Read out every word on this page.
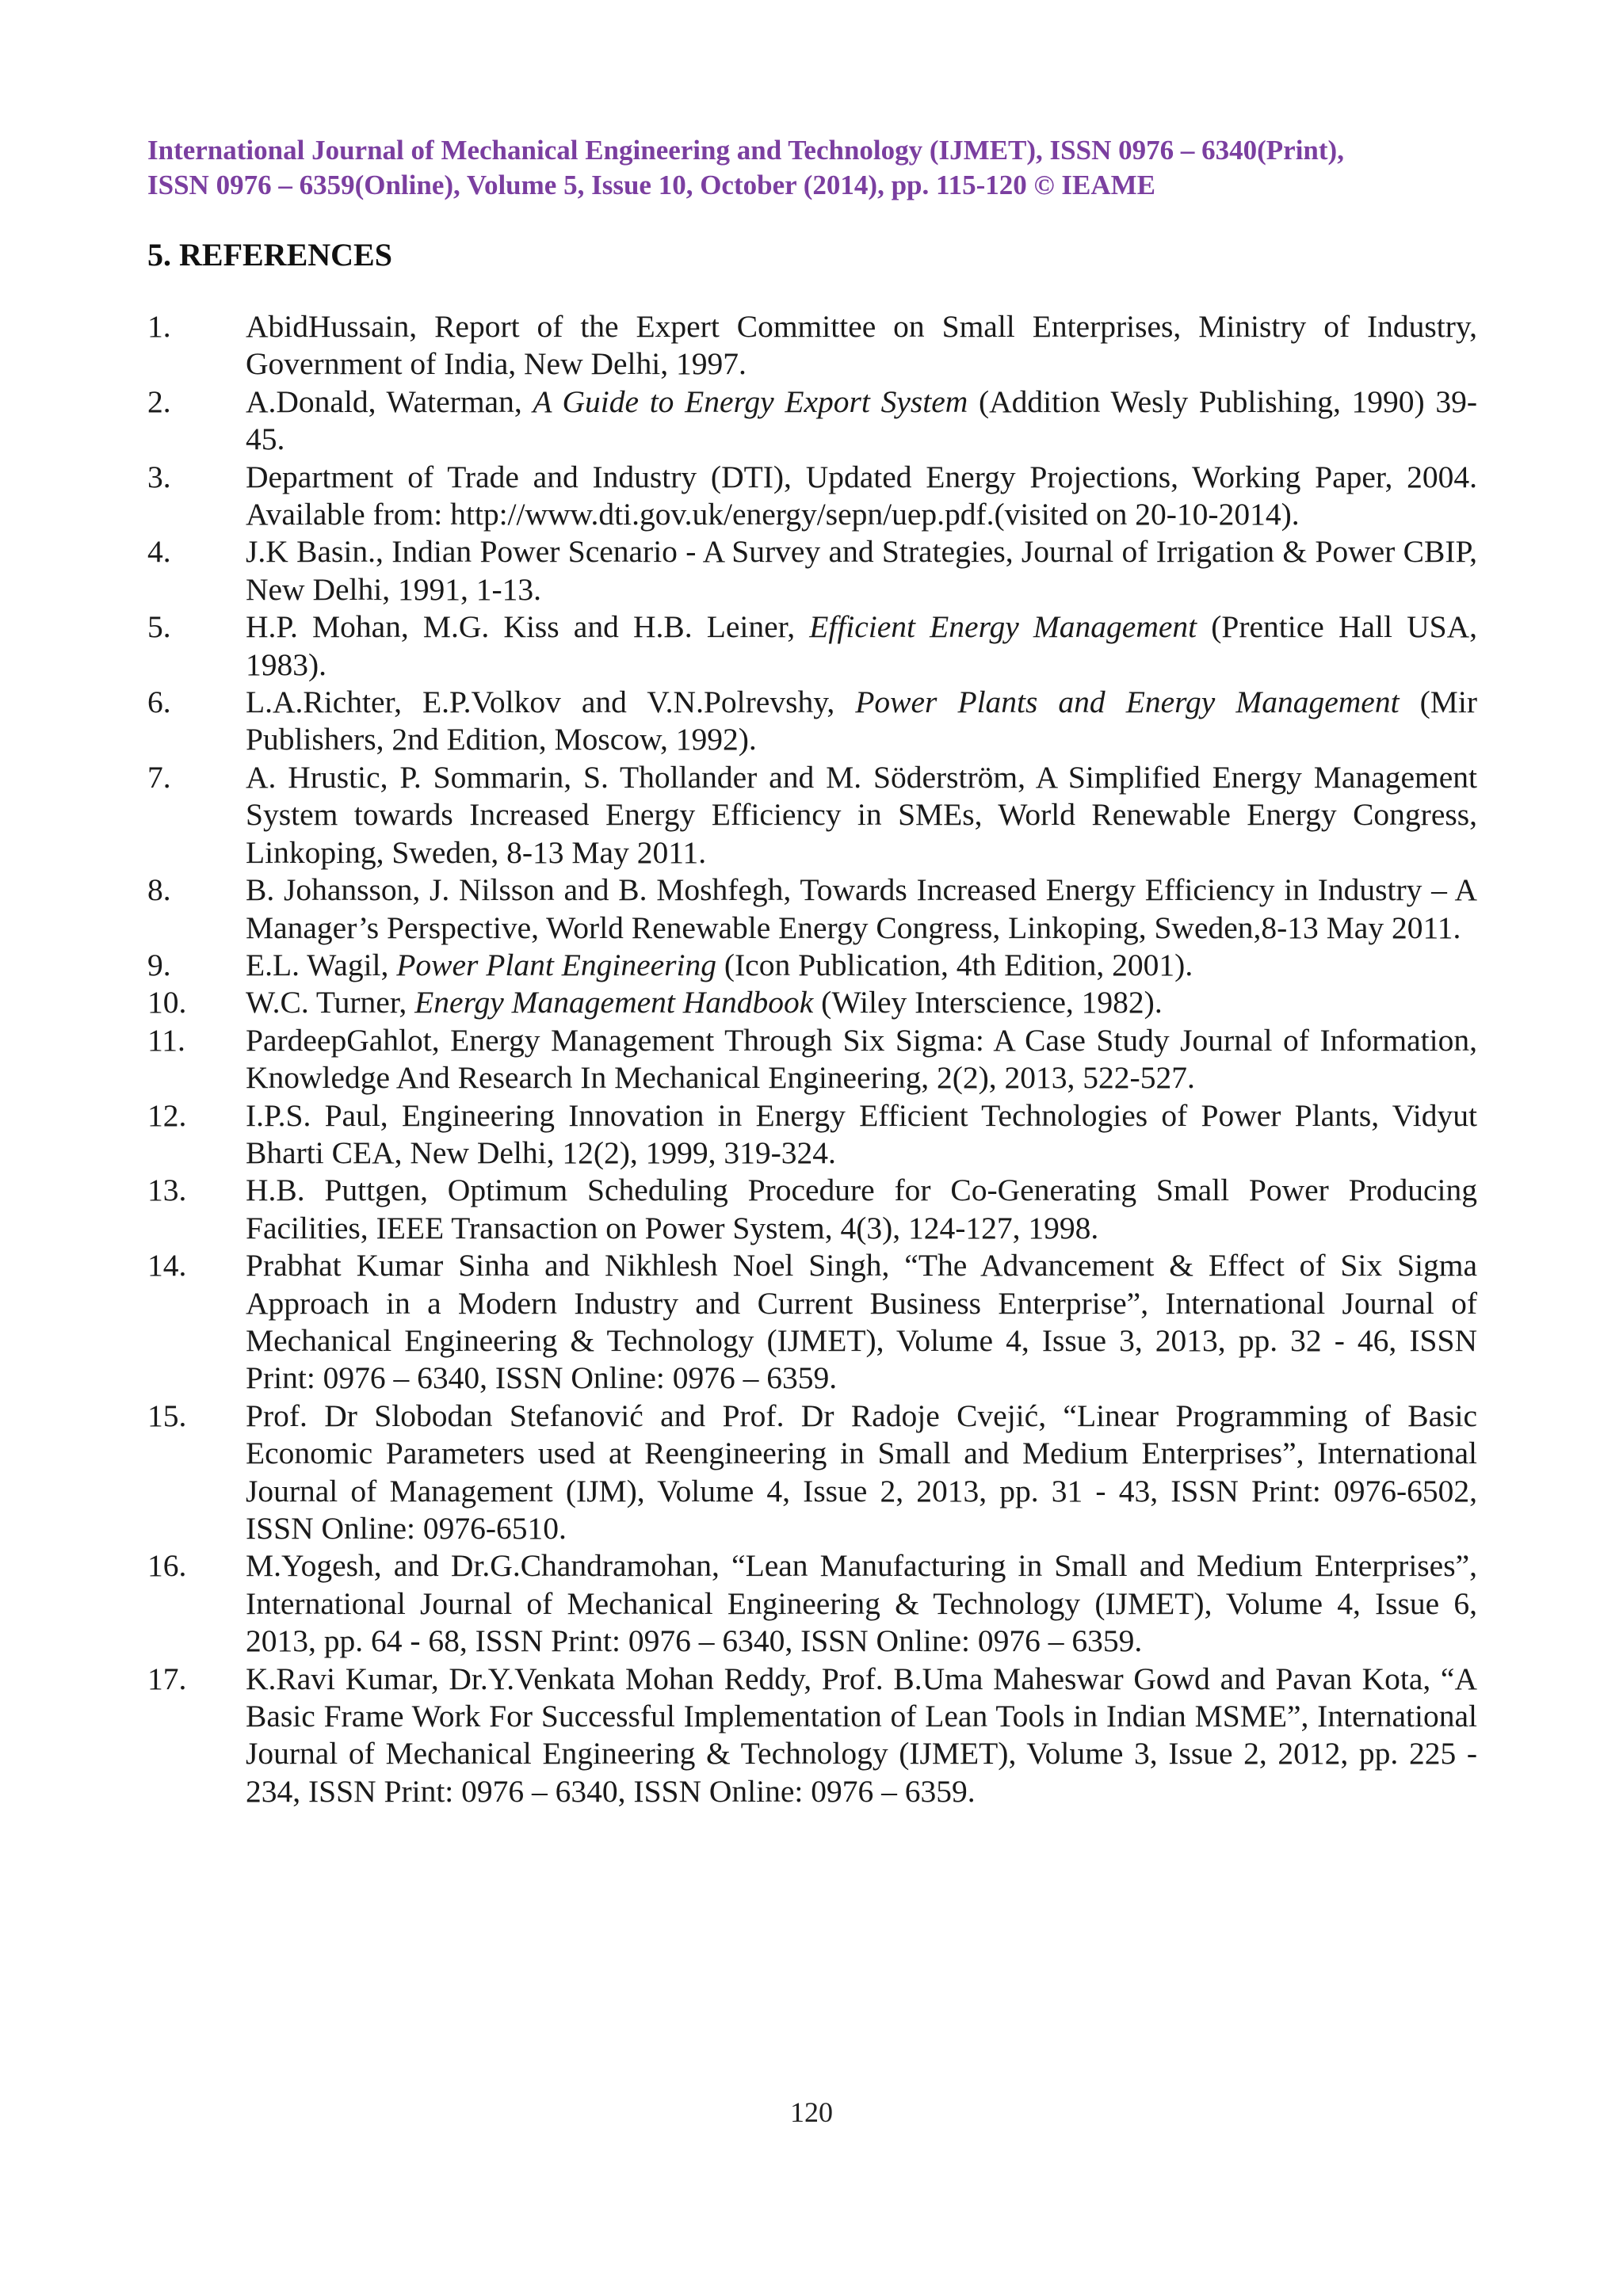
International Journal of Mechanical Engineering and Technology (IJMET), ISSN 0976 – 6340(Print),
ISSN 0976 – 6359(Online), Volume 5, Issue 10, October (2014), pp. 115-120 © IEAME
5. REFERENCES
1.	AbidHussain, Report of the Expert Committee on Small Enterprises, Ministry of Industry, Government of India, New Delhi, 1997.
2.	A.Donald, Waterman, A Guide to Energy Export System (Addition Wesly Publishing, 1990) 39-45.
3.	Department of Trade and Industry (DTI), Updated Energy Projections, Working Paper, 2004. Available from: http://www.dti.gov.uk/energy/sepn/uep.pdf.(visited on 20-10-2014).
4.	J.K Basin., Indian Power Scenario - A Survey and Strategies, Journal of Irrigation & Power CBIP, New Delhi, 1991, 1-13.
5.	H.P. Mohan, M.G. Kiss and H.B. Leiner, Efficient Energy Management (Prentice Hall USA, 1983).
6.	L.A.Richter, E.P.Volkov and V.N.Polrevshy, Power Plants and Energy Management (Mir Publishers, 2nd Edition, Moscow, 1992).
7.	A. Hrustic, P. Sommarin, S. Thollander and M. Söderström, A Simplified Energy Management System towards Increased Energy Efficiency in SMEs, World Renewable Energy Congress, Linkoping, Sweden, 8-13 May 2011.
8.	B. Johansson, J. Nilsson and B. Moshfegh, Towards Increased Energy Efficiency in Industry – A Manager’s Perspective, World Renewable Energy Congress, Linkoping, Sweden,8-13 May 2011.
9.	E.L. Wagil, Power Plant Engineering (Icon Publication, 4th Edition, 2001).
10.	W.C. Turner, Energy Management Handbook (Wiley Interscience, 1982).
11.	PardeepGahlot, Energy Management Through Six Sigma: A Case Study Journal of Information, Knowledge And Research In Mechanical Engineering, 2(2), 2013, 522-527.
12.	I.P.S. Paul, Engineering Innovation in Energy Efficient Technologies of Power Plants, Vidyut Bharti CEA, New Delhi, 12(2), 1999, 319-324.
13.	H.B. Puttgen, Optimum Scheduling Procedure for Co-Generating Small Power Producing Facilities, IEEE Transaction on Power System, 4(3), 124-127, 1998.
14.	Prabhat Kumar Sinha and Nikhlesh Noel Singh, “The Advancement & Effect of Six Sigma Approach in a Modern Industry and Current Business Enterprise”, International Journal of Mechanical Engineering & Technology (IJMET), Volume 4, Issue 3, 2013, pp. 32 - 46, ISSN Print: 0976 – 6340, ISSN Online: 0976 – 6359.
15.	Prof. Dr Slobodan Stefanović and Prof. Dr Radoje Cvejić, “Linear Programming of Basic Economic Parameters used at Reengineering in Small and Medium Enterprises”, International Journal of Management (IJM), Volume 4, Issue 2, 2013, pp. 31 - 43, ISSN Print: 0976-6502, ISSN Online: 0976-6510.
16.	M.Yogesh, and Dr.G.Chandramohan, “Lean Manufacturing in Small and Medium Enterprises”, International Journal of Mechanical Engineering & Technology (IJMET), Volume 4, Issue 6, 2013, pp. 64 - 68, ISSN Print: 0976 – 6340, ISSN Online: 0976 – 6359.
17.	K.Ravi Kumar, Dr.Y.Venkata Mohan Reddy, Prof. B.Uma Maheswar Gowd and Pavan Kota, “A Basic Frame Work For Successful Implementation of Lean Tools in Indian MSME”, International Journal of Mechanical Engineering & Technology (IJMET), Volume 3, Issue 2, 2012, pp. 225 - 234, ISSN Print: 0976 – 6340, ISSN Online: 0976 – 6359.
120
